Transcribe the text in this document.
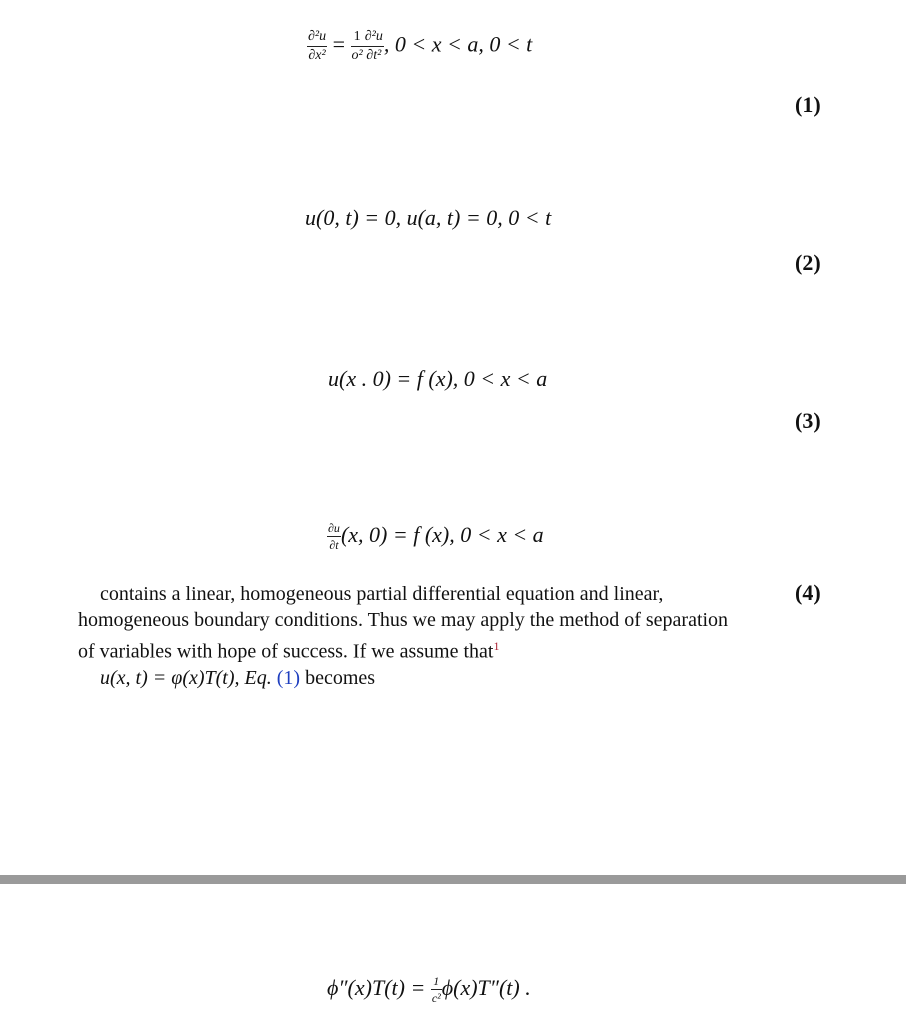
$\frac{\text{∂²u}}{\text{∂x²}} = \frac{1}{\text{o²}} \frac{\text{∂²u}}{\text{∂t²}}$ , 0 < x < a, 0 < t
(1)
u(0, t) = 0, u(a, t) = 0, 0 < t
(2)
u(x . 0) = f (x), 0 < x < a
(3)
$\frac{\partial u}{\partial t} (x$, 0) = f (x), 0 < x < a
(4)
contains a linear, homogeneous partial differential equation and linear,
homogeneous boundary conditions. Thus we may apply the method of separation
of variables with hope of success. If we assume that$^1$
u(x, t) = φ(x)T(t), Eq. (1) becomes
$\phi''(x)T(t) = \frac{1}{\text{c²}} \phi(x)T''(t)$ .
